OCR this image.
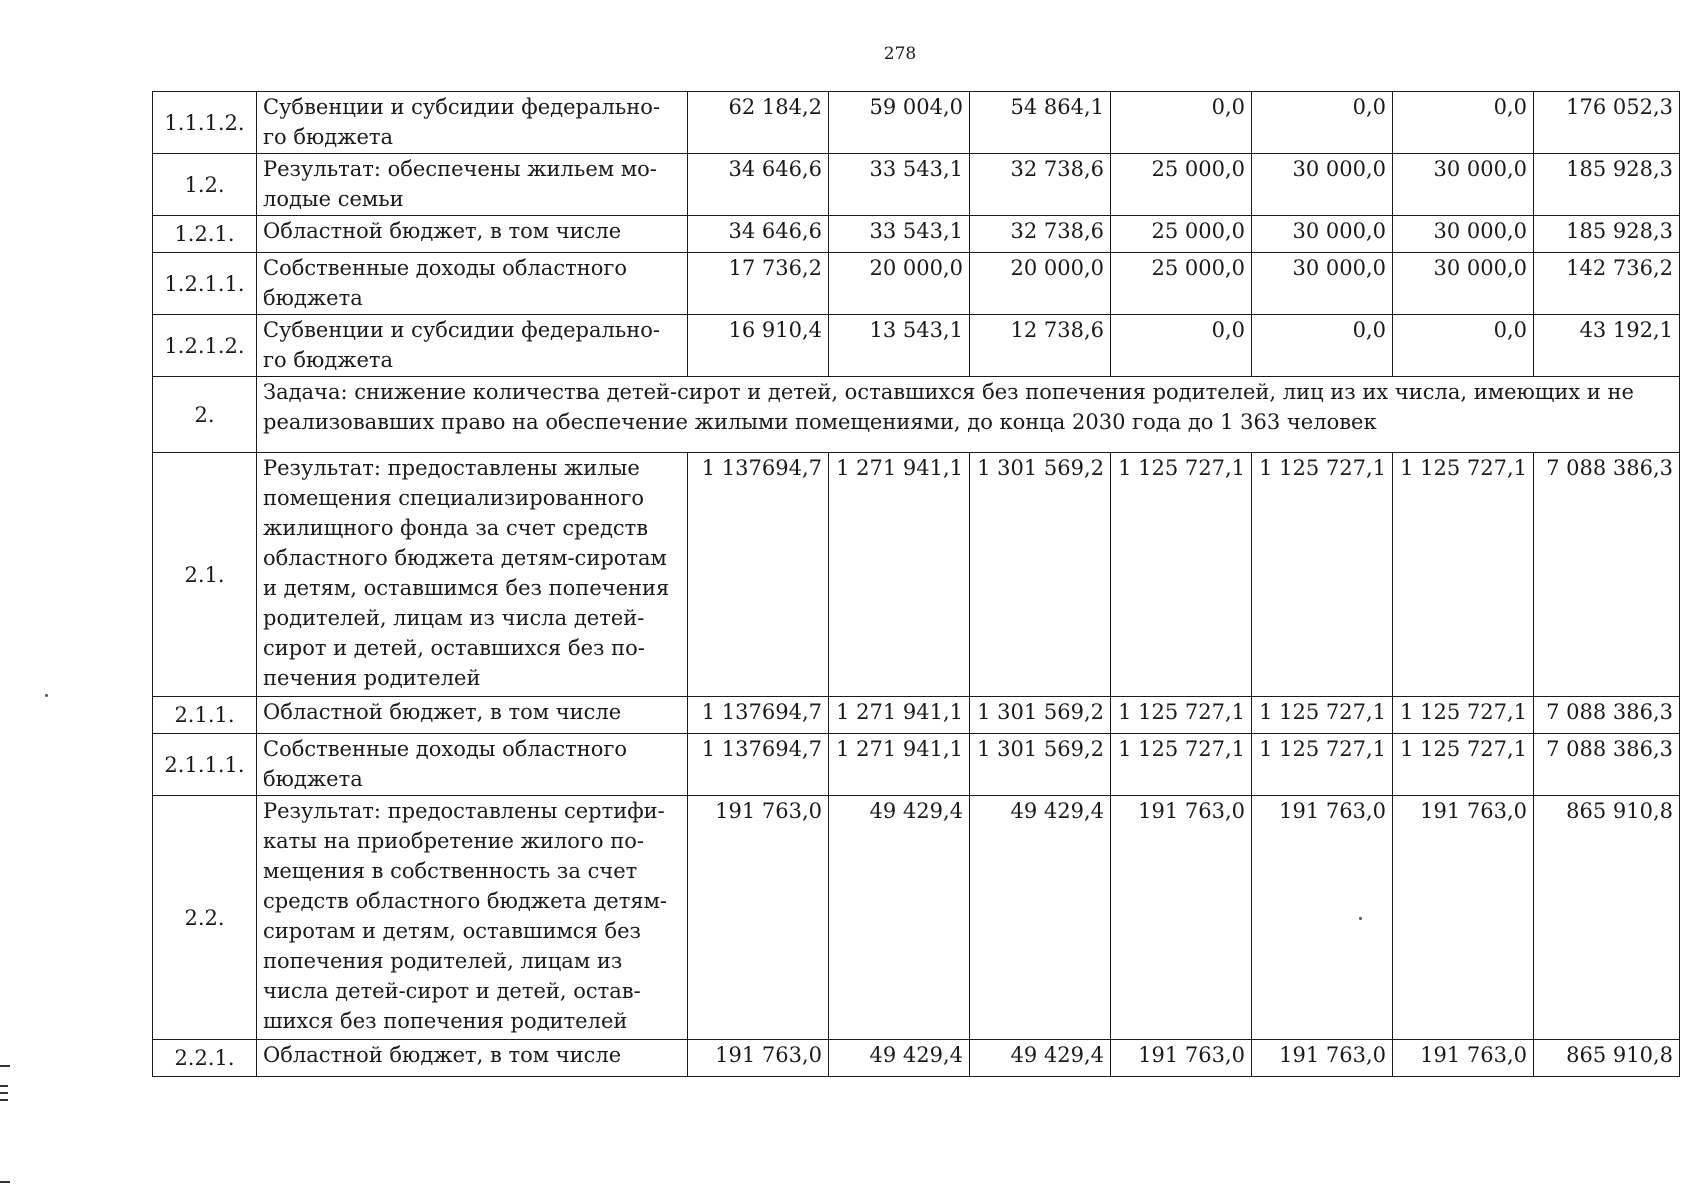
278
1.1.1.2.	Субвенции и субсидии федерально-го бюджета	62 184,2	59 004,0	54 864,1	0,0	0,0	0,0	176 052,3
1.2.	Результат: обеспечены жильем мо-лодые семьи	34 646,6	33 543,1	32 738,6	25 000,0	30 000,0	30 000,0	185 928,3
1.2.1.	Областной бюджет, в том числе	34 646,6	33 543,1	32 738,6	25 000,0	30 000,0	30 000,0	185 928,3
1.2.1.1.	Собственные доходы областного бюджета	17 736,2	20 000,0	20 000,0	25 000,0	30 000,0	30 000,0	142 736,2
1.2.1.2.	Субвенции и субсидии федерально-го бюджета	16 910,4	13 543,1	12 738,6	0,0	0,0	0,0	43 192,1
2.	Задача: снижение количества детей-сирот и детей, оставшихся без попечения родителей, лиц из их числа, имеющих и не реализовавших право на обеспечение жилыми помещениями, до конца 2030 года до 1 363 человек							
2.1.	Результат: предоставлены жилые помещения специализированного жилищного фонда за счет средств областного бюджета детям-сиротам и детям, оставшимся без попечения родителей, лицам из числа детей-сирот и детей, оставшихся без по-печения родителей	1 137694,7	1 271 941,1	1 301 569,2	1 125 727,1	1 125 727,1	1 125 727,1	7 088 386,3
2.1.1.	Областной бюджет, в том числе	1 137694,7	1 271 941,1	1 301 569,2	1 125 727,1	1 125 727,1	1 125 727,1	7 088 386,3
2.1.1.1.	Собственные доходы областного бюджета	1 137694,7	1 271 941,1	1 301 569,2	1 125 727,1	1 125 727,1	1 125 727,1	7 088 386,3
2.2.	Результат: предоставлены сертифи-каты на приобретение жилого по-мещения в собственность за счет средств областного бюджета детям-сиротам и детям, оставшимся без попечения родителей, лицам из числа детей-сирот и детей, остав-шихся без попечения родителей	191 763,0	49 429,4	49 429,4	191 763,0	191 763,0	191 763,0	865 910,8
2.2.1.	Областной бюджет, в том числе	191 763,0	49 429,4	49 429,4	191 763,0	191 763,0	191 763,0	865 910,8
